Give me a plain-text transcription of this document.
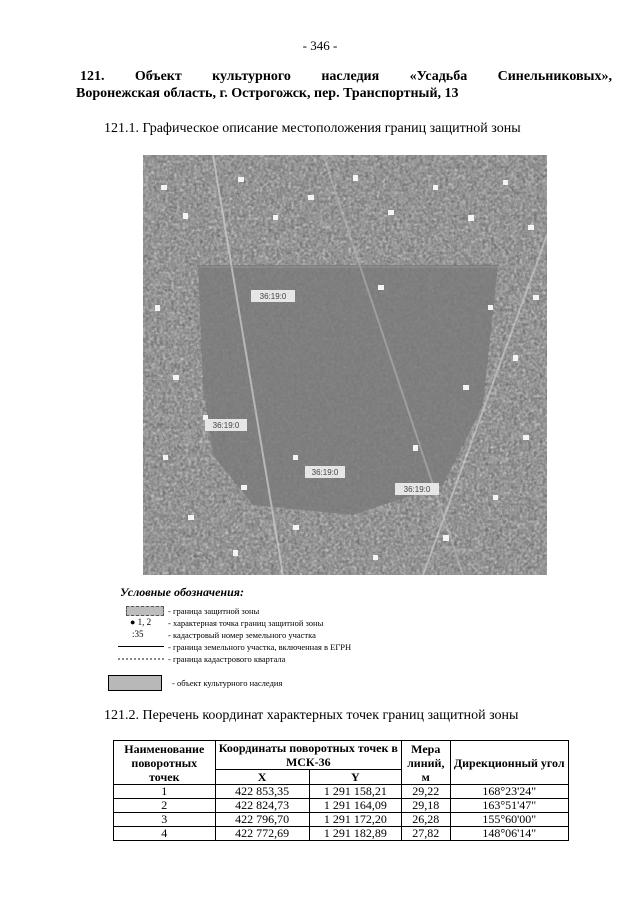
- 346 -
121. Объект культурного наследия «Усадьба Синельниковых»,
Воронежская область, г. Острогожск, пер. Транспортный, 13
121.1. Графическое описание местоположения границ защитной зоны
36:19:0
36:19:0
36:19:0
36:19:0
Условные обозначения:
- граница защитной зоны
● 1, 2	- характерная точка границ защитной зоны
:35	- кадастровый номер земельного участка
- граница земельного участка, включенная в ЕГРН
- граница кадастрового квартала
- объект культурного наследия
121.2. Перечень координат характерных точек границ защитной зоны
Наименование поворотных точек	Координаты поворотных точек в МСК-36		Мера линий, м	Дирекционный угол
	X	Y		
1	422 853,35	1 291 158,21	29,22	168°23'24"
2	422 824,73	1 291 164,09	29,18	163°51'47"
3	422 796,70	1 291 172,20	26,28	155°60'00"
4	422 772,69	1 291 182,89	27,82	148°06'14"
